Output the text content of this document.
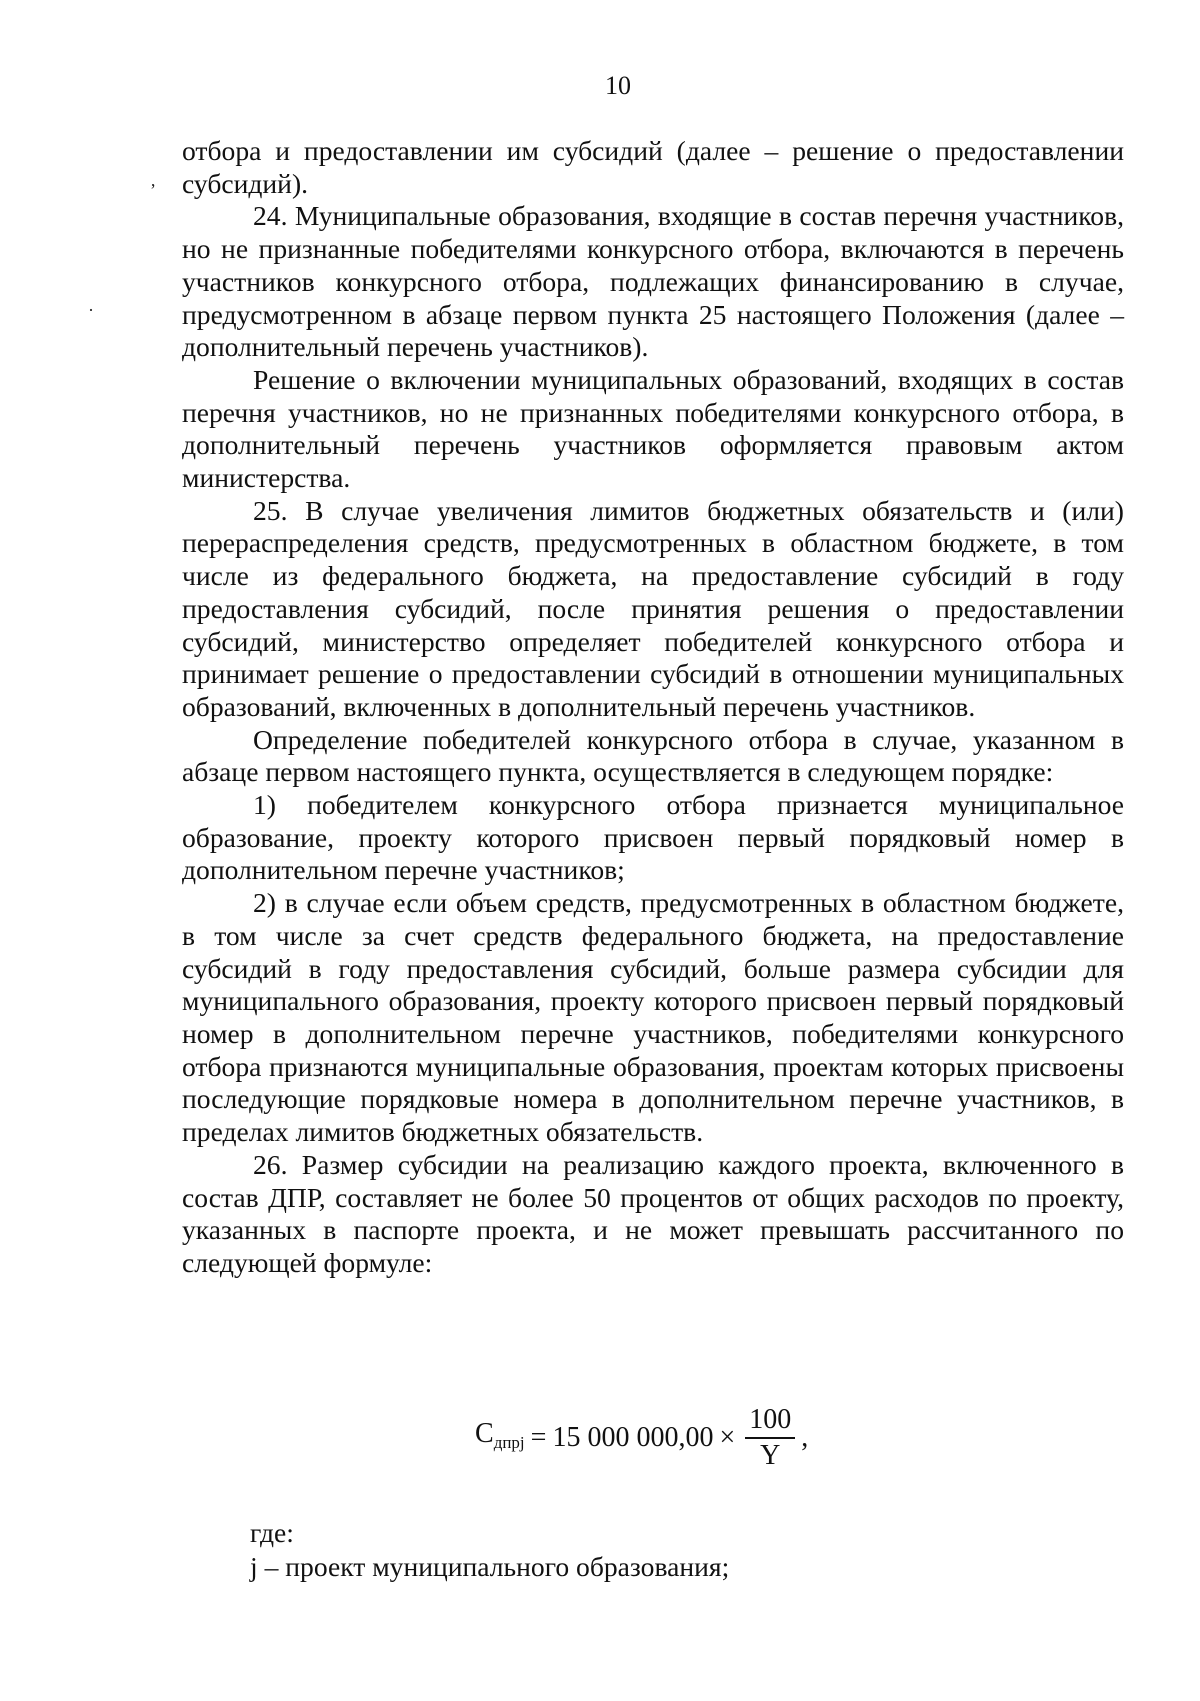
10
ʼ
·

отбора и предоставлении им субсидий (далее – решение о предоставлении субсидий).

24. Муниципальные образования, входящие в состав перечня участников, но не признанные победителями конкурсного отбора, включаются в перечень участников конкурсного отбора, подлежащих финансированию в случае, предусмотренном в абзаце первом пункта 25 настоящего Положения (далее – дополнительный перечень участников).

Решение о включении муниципальных образований, входящих в состав перечня участников, но не признанных победителями конкурсного отбора, в дополнительный перечень участников оформляется правовым актом министерства.

25. В случае увеличения лимитов бюджетных обязательств и (или) перераспределения средств, предусмотренных в областном бюджете, в том числе из федерального бюджета, на предоставление субсидий в году предоставления субсидий, после принятия решения о предоставлении субсидий, министерство определяет победителей конкурсного отбора и принимает решение о предоставлении субсидий в отношении муниципальных образований, включенных в дополнительный перечень участников.

Определение победителей конкурсного отбора в случае, указанном в абзаце первом настоящего пункта, осуществляется в следующем порядке:

1) победителем конкурсного отбора признается муниципальное образование, проекту которого присвоен первый порядковый номер в дополнительном перечне участников;

2) в случае если объем средств, предусмотренных в областном бюджете, в том числе за счет средств федерального бюджета, на предоставление субсидий в году предоставления субсидий, больше размера субсидии для муниципального образования, проекту которого присвоен первый порядковый номер в дополнительном перечне участников, победителями конкурсного отбора признаются муниципальные образования, проектам которых присвоены последующие порядковые номера в дополнительном перечне участников, в пределах лимитов бюджетных обязательств.

26. Размер субсидии на реализацию каждого проекта, включенного в состав ДПР, составляет не более 50 процентов от общих расходов по проекту, указанных в паспорте проекта, и не может превышать рассчитанного по следующей формуле:

$С_{дпрj} = 15$ 000 $000,00 \times \frac{100}{Y}$ ,

где:

j – проект муниципального образования;
